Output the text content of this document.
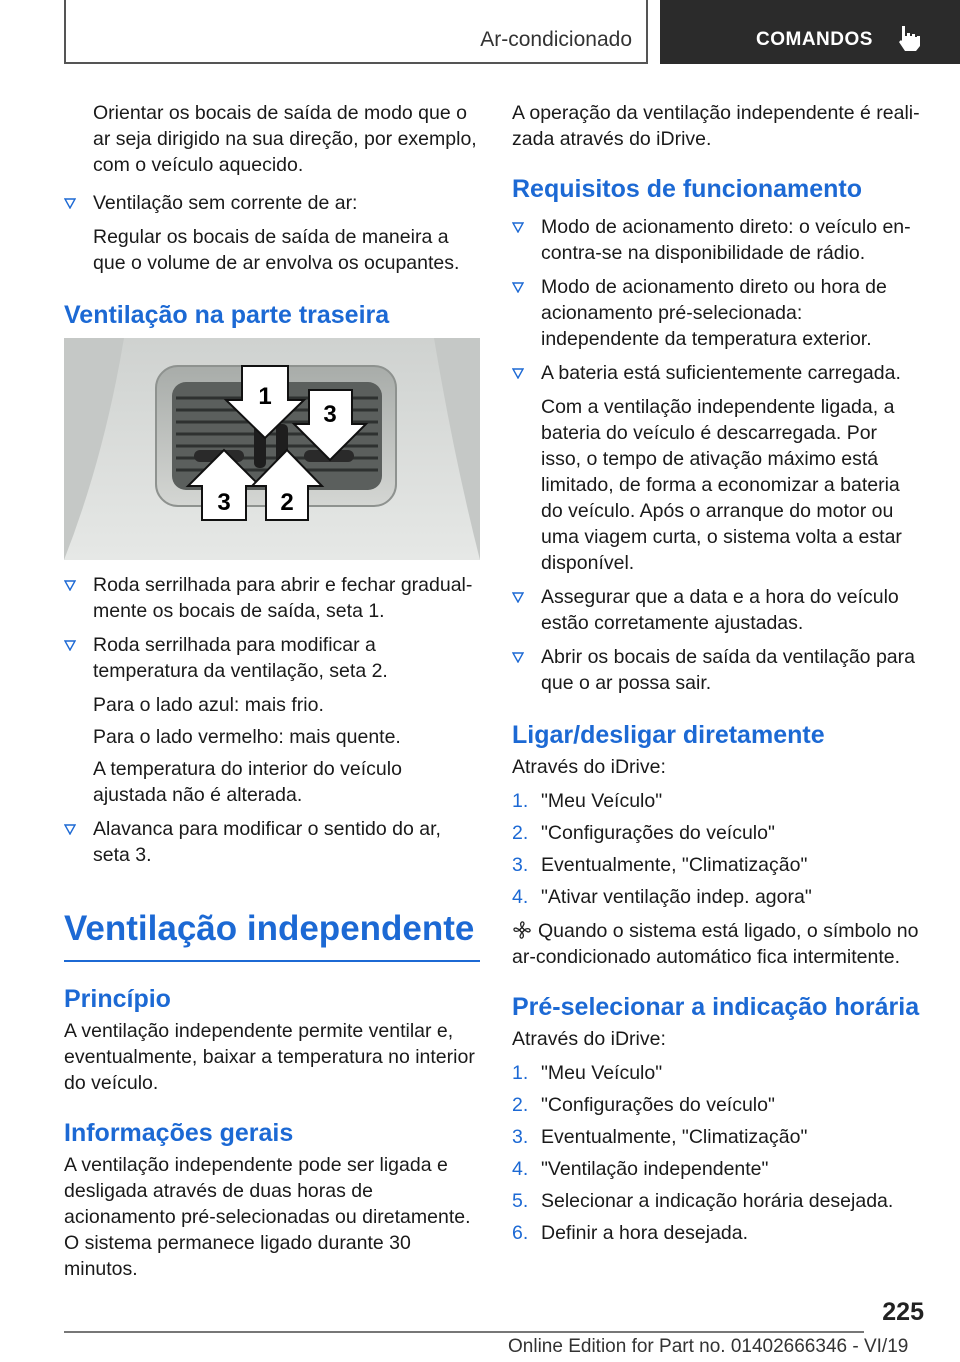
Ar-condicionado	COMANDOS

Orientar os bocais de saída de modo que o ar seja dirigido na sua direção, por exemplo, com o veículo aquecido.

Ventilação sem corrente de ar:

Regular os bocais de saída de maneira a que o volume de ar envolva os ocupantes.

Ventilação na parte traseira
1
2
3
3
Roda serrilhada para abrir e fechar gradualmente os bocais de saída, seta 1.
Roda serrilhada para modificar a temperatura da ventilação, seta 2.

Para o lado azul: mais frio.

Para o lado vermelho: mais quente.

A temperatura do interior do veículo ajustada não é alterada.

Alavanca para modificar o sentido do ar, seta 3.
Ventilação independente
Princípio

A ventilação independente permite ventilar e, eventualmente, baixar a temperatura no interior do veículo.

Informações gerais

A ventilação independente pode ser ligada e desligada através de duas horas de acionamento pré-selecionadas ou diretamente. O sistema permanece ligado durante 30 minutos.

A operação da ventilação independente é realizada através do iDrive.

Requisitos de funcionamento
Modo de acionamento direto: o veículo encontra-se na disponibilidade de rádio.
Modo de acionamento direto ou hora de acionamento pré-selecionada: independente da temperatura exterior.
A bateria está suficientemente carregada.

Com a ventilação independente ligada, a bateria do veículo é descarregada. Por isso, o tempo de ativação máximo está limitado, de forma a economizar a bateria do veículo. Após o arranque do motor ou uma viagem curta, o sistema volta a estar disponível.

Assegurar que a data e a hora do veículo estão corretamente ajustadas.
Abrir os bocais de saída da ventilação para que o ar possa sair.
Ligar/desligar diretamente

Através do iDrive:

1. "Meu Veículo"
2. "Configurações do veículo"
3. Eventualmente, "Climatização"
4. "Ativar ventilação indep. agora"

Quando o sistema está ligado, o símbolo no ar-condicionado automático fica intermitente.

Pré-selecionar a indicação horária

Através do iDrive:

1. "Meu Veículo"
2. "Configurações do veículo"
3. Eventualmente, "Climatização"
4. "Ventilação independente"
5. Selecionar a indicação horária desejada.
6. Definir a hora desejada.
225
Online Edition for Part no. 01402666346 - VI/19
